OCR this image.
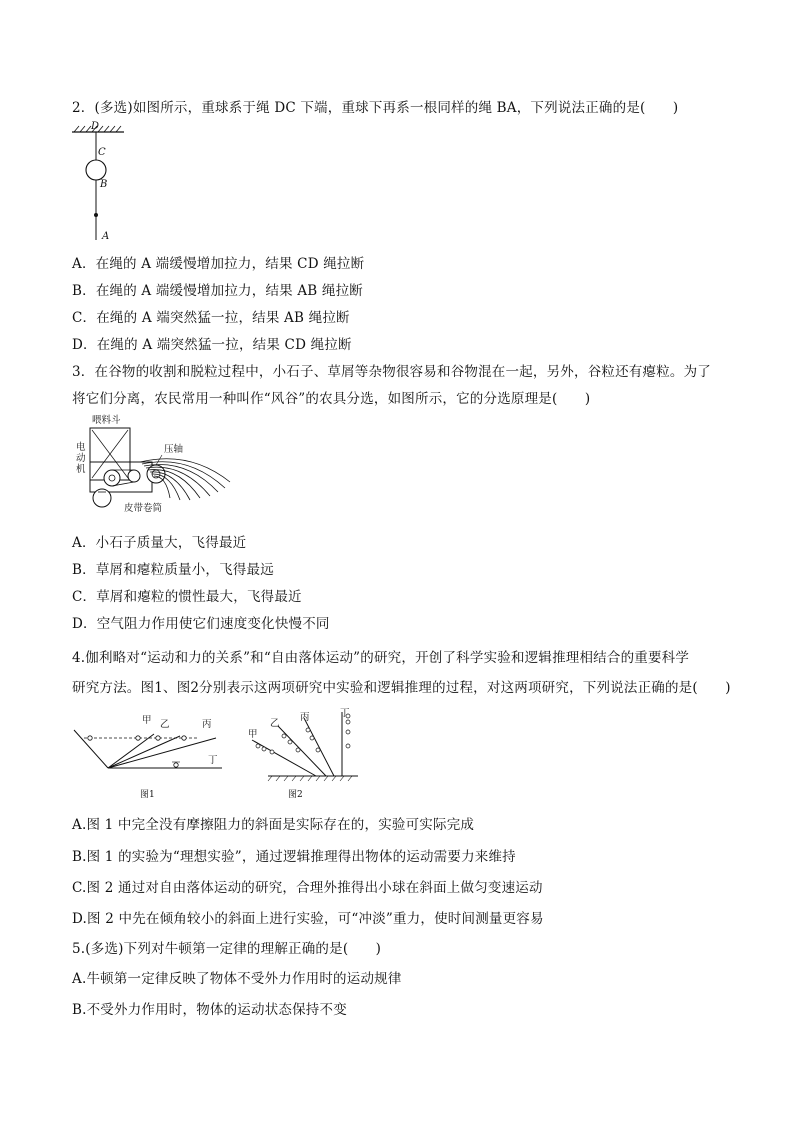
2．(多选)如图所示，重球系于绳 DC 下端，重球下再系一根同样的绳 BA，下列说法正确的是(　　)
D
C
B
A
A．在绳的 A 端缓慢增加拉力，结果 CD 绳拉断
B．在绳的 A 端缓慢增加拉力，结果 AB 绳拉断
C．在绳的 A 端突然猛一拉，结果 AB 绳拉断
D．在绳的 A 端突然猛一拉，结果 CD 绳拉断
3．在谷物的收割和脱粒过程中，小石子、草屑等杂物很容易和谷物混在一起，另外，谷粒还有瘪粒。为了
将它们分离，农民常用一种叫作“风谷”的农具分选，如图所示，它的分选原理是(　　)
喂料斗
电
动
机
压轴
皮带卷筒
A．小石子质量大，飞得最近
B．草屑和瘪粒质量小，飞得最远
C．草屑和瘪粒的惯性最大，飞得最近
D．空气阻力作用使它们速度变化快慢不同
4.伽利略对“运动和力的关系”和“自由落体运动”的研究，开创了科学实验和逻辑推理相结合的重要科学
研究方法。图1、图2分别表示这两项研究中实验和逻辑推理的过程，对这两项研究，下列说法正确的是(　　)
甲 乙	丙
丁
图1
甲
乙
丙	丁
图2
A.图 1 中完全没有摩擦阻力的斜面是实际存在的，实验可实际完成
B.图 1 的实验为“理想实验”，通过逻辑推理得出物体的运动需要力来维持
C.图 2 通过对自由落体运动的研究，合理外推得出小球在斜面上做匀变速运动
D.图 2 中先在倾角较小的斜面上进行实验，可“冲淡”重力，使时间测量更容易
5.(多选)下列对牛顿第一定律的理解正确的是(　　)
A.牛顿第一定律反映了物体不受外力作用时的运动规律
B.不受外力作用时，物体的运动状态保持不变
